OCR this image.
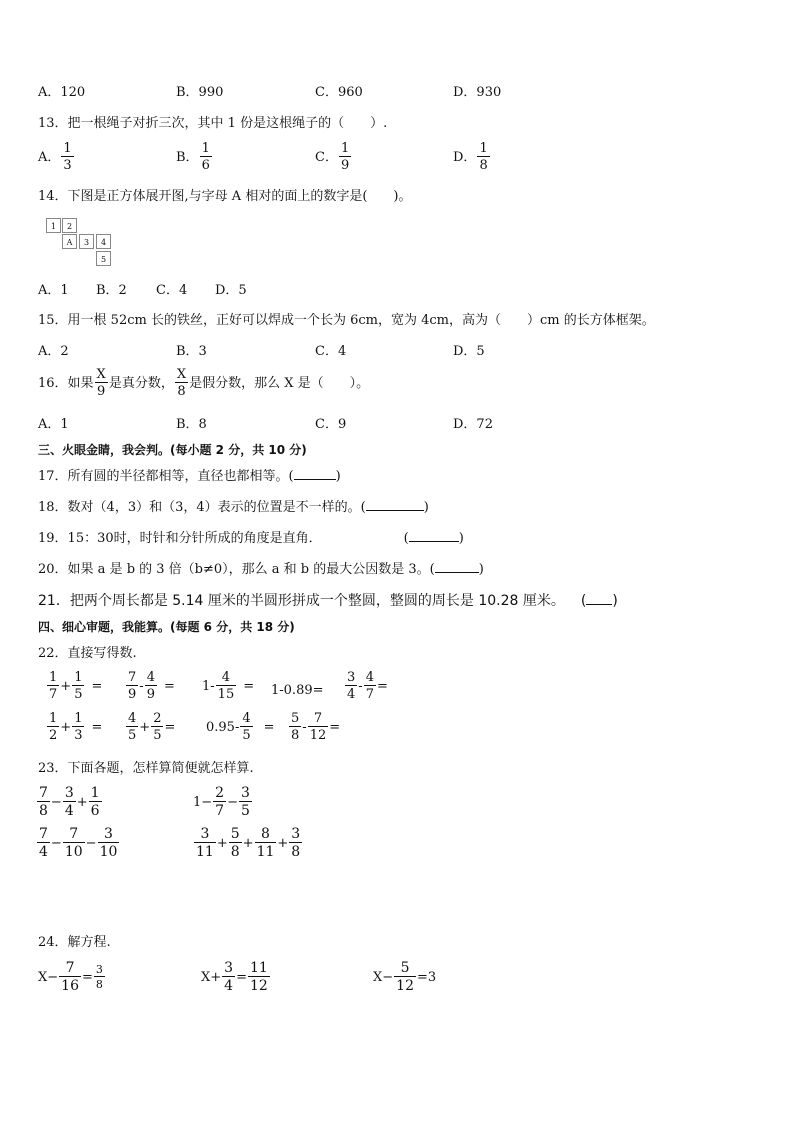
A．120	B．990	C．960	D．930
13．把一根绳子对折三次，其中 1 份是这根绳子的（　　）.
A． $\frac{1}{3}$	B． $\frac{1}{6}$	C． $\frac{1}{9}$	D． $\frac{1}{8}$
14．下图是正方体展开图,与字母 A 相对的面上的数字是(　　)。
1	2
A	3	4
5
A．1 B．2 C．4 D．5
15．用一根 52cm 长的铁丝，正好可以焊成一个长为 6cm，宽为 4cm，高为（　　）cm 的长方体框架。
A．2	B．3	C．4	D．5
16．如果 $\frac{X}{9}$ 是真分数， $\frac{X}{8}$ 是假分数，那么 X 是（　　）。
A．1	B．8	C．9	D．72
三、火眼金睛，我会判。(每小题 2 分，共 10 分)
17．所有圆的半径都相等，直径也都相等。(	)
18．数对（4，3）和（3，4）表示的位置是不一样的。(	)
19．15：30时，时针和分针所成的角度是直角．	(	)
20．如果 a 是 b 的 3 倍（b≠0），那么 a 和 b 的最大公因数是 3。(	)
21．把两个周长都是 5.14 厘米的半圆形拼成一个整圆，整圆的周长是 10.28 厘米。 ( )
四、细心审题，我能算。(每题 6 分，共 18 分)
22．直接写得数.
$\frac{1}{7} + \frac{1}{5} = \frac{7}{9} - \frac{4}{9} = 1- \frac{4}{15} = 1-0.89= \frac{3}{4} - \frac{4}{7}$ =
$\frac{1}{2} + \frac{1}{3} = \frac{4}{5} + \frac{2}{5} = 0.95- \frac{4}{5} = \frac{5}{8} - \frac{7}{12}$ =
23．下面各题，怎样算简便就怎样算.
$\frac{7}{8} - \frac{3}{4} + \frac{1}{6}$	$1- \frac{2}{7} - \frac{3}{5}$
$\frac{7}{4} - \frac{7}{10} - \frac{3}{10}$	$\frac{3}{11} + \frac{5}{8} + \frac{8}{11} + \frac{3}{8}$
24．解方程.
$X- \frac{7}{16} = \frac{3}{8}$	$X+ \frac{3}{4} = \frac{11}{12}$	$X- \frac{5}{12} =3$
